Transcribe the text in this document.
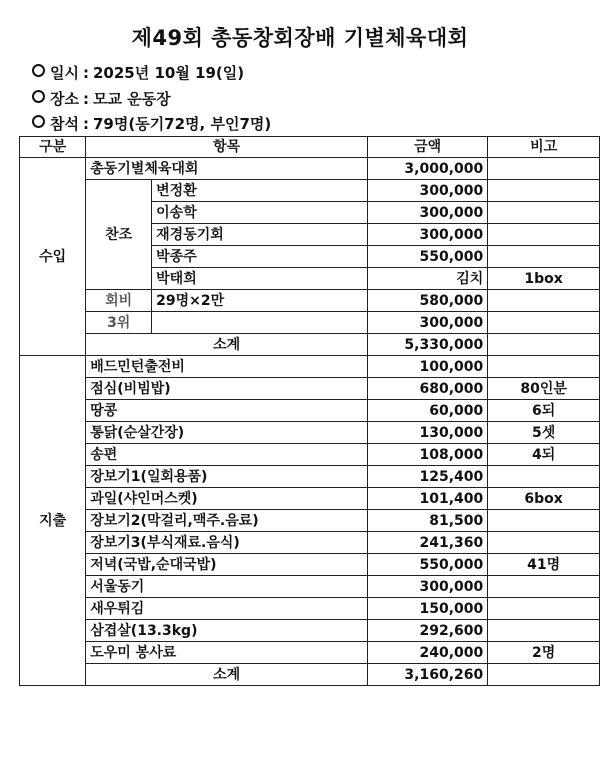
제49회 총동창회장배 기별체육대회
일시 : 2025년 10월 19(일)
장소 : 모교 운동장
참석 : 79명(동기72명, 부인7명)
구분	항목		금액	비고
수입	총동기별체육대회		3,000,000	
	찬조	변정환	300,000	
		이송학	300,000	
		재경동기회	300,000	
		박종주	550,000	
		박태희	김치	1box
	회비	29명×2만	580,000	
	3위		300,000	
	소계		5,330,000	
지출	배드민턴출전비		100,000	
	점심(비빔밥)		680,000	80인분
	땅콩		60,000	6되
	통닭(순살간장)		130,000	5셋
	송편		108,000	4되
	장보기1(일회용품)		125,400	
	과일(샤인머스켓)		101,400	6box
	장보기2(막걸리,맥주.음료)		81,500	
	장보기3(부식재료.음식)		241,360	
	저녁(국밥,순대국밥)		550,000	41명
	서울동기		300,000	
	새우튀김		150,000	
	삼겹살(13.3kg)		292,600	
	도우미 봉사료		240,000	2명
	소계		3,160,260	
